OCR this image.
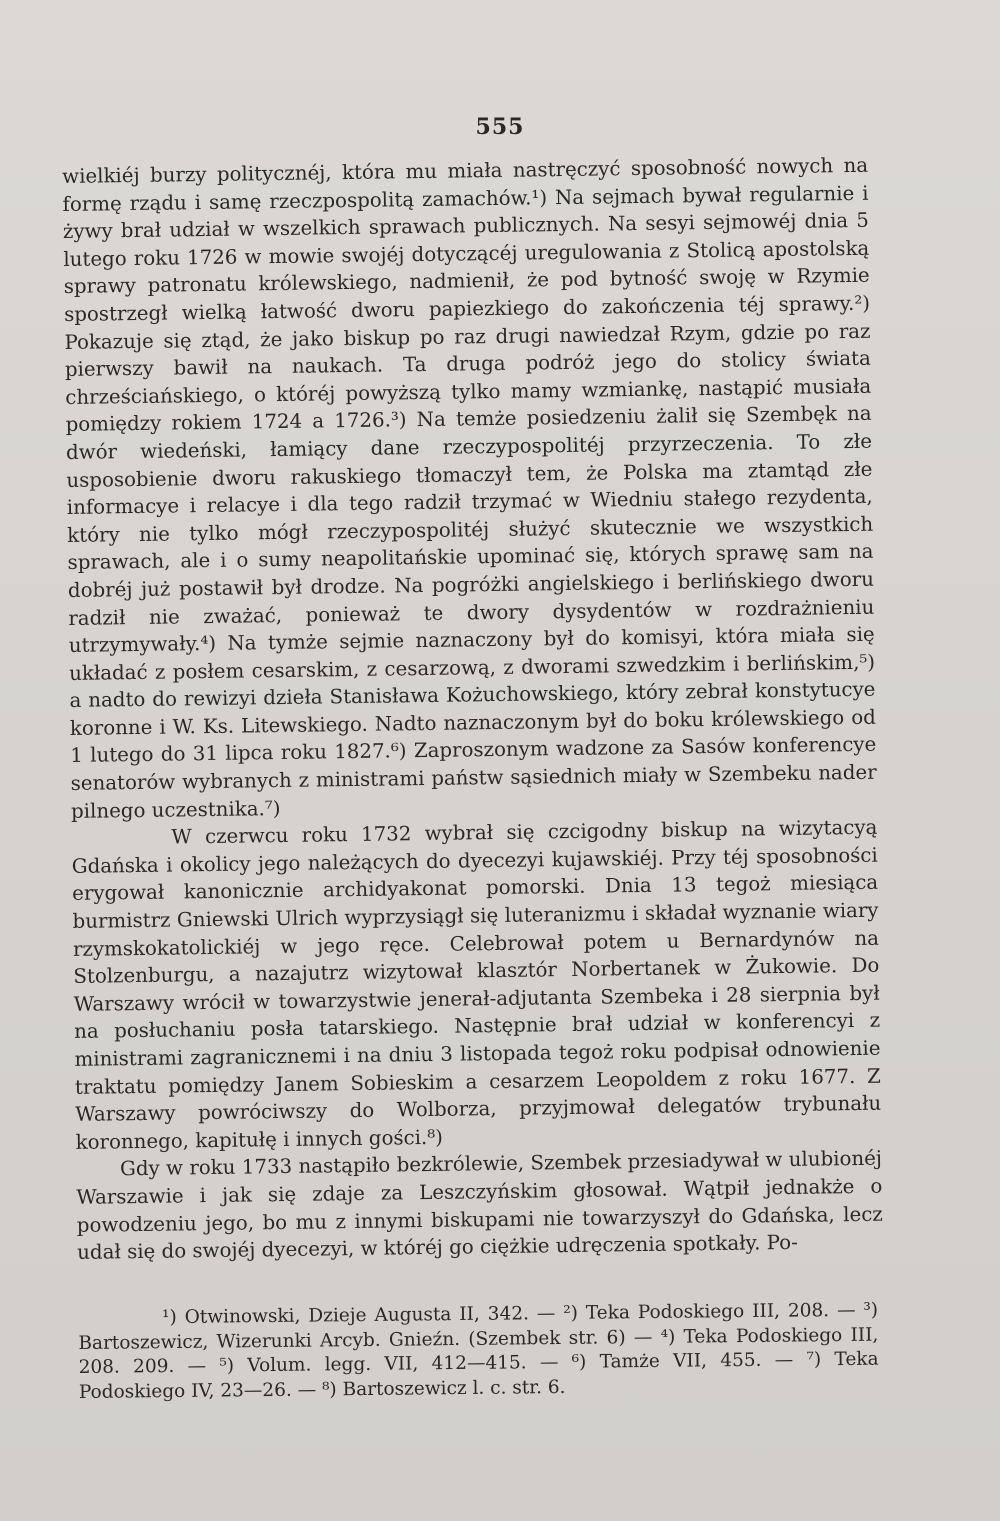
555

wielkiéj burzy politycznéj, która mu miała nastręczyć sposobność nowych na formę rządu i samę rzeczpospolitą zamachów.¹) Na sejmach bywał regularnie i żywy brał udział w wszelkich sprawach publicznych. Na sesyi sejmowéj dnia 5 lutego roku 1726 w mowie swojéj dotyczącéj uregulowania z Stolicą apostolską sprawy patronatu królewskiego, nadmienił, że pod bytność swoję w Rzymie spostrzegł wielką łatwość dworu papiezkiego do zakończenia téj sprawy.²) Pokazuje się ztąd, że jako biskup po raz drugi nawiedzał Rzym, gdzie po raz pierwszy bawił na naukach. Ta druga podróż jego do stolicy świata chrześciańskiego, o któréj powyższą tylko mamy wzmiankę, nastąpić musiała pomiędzy rokiem 1724 a 1726.³) Na temże posiedzeniu żalił się Szembęk na dwór wiedeński, łamiący dane rzeczypospolitéj przyrzeczenia. To złe usposobienie dworu rakuskiego tłomaczył tem, że Polska ma ztamtąd złe informacye i relacye i dla tego radził trzymać w Wiedniu stałego rezydenta, który nie tylko mógł rzeczypospolitéj służyć skutecznie we wszystkich sprawach, ale i o sumy neapolitańskie upominać się, których sprawę sam na dobréj już postawił był drodze. Na pogróżki angielskiego i berlińskiego dworu radził nie zważać, ponieważ te dwory dysydentów w rozdrażnieniu utrzymywały.⁴) Na tymże sejmie naznaczony był do komisyi, która miała się układać z posłem cesarskim, z cesarzową, z dworami szwedzkim i berlińskim,⁵) a nadto do rewizyi dzieła Stanisława Kożuchowskiego, który zebrał konstytucye koronne i W. Ks. Litewskiego. Nadto naznaczonym był do boku królewskiego od 1 lutego do 31 lipca roku 1827.⁶) Zaproszonym wadzone za Sasów konferencye senatorów wybranych z ministrami państw sąsiednich miały w Szembeku nader pilnego uczestnika.⁷)

W czerwcu roku 1732 wybrał się czcigodny biskup na wizytacyą Gdańska i okolicy jego należących do dyecezyi kujawskiéj. Przy téj sposobności erygował kanonicznie archidyakonat pomorski. Dnia 13 tegoż miesiąca burmistrz Gniewski Ulrich wyprzysiągł się luteranizmu i składał wyznanie wiary rzymskokatolickiéj w jego ręce. Celebrował potem u Bernardynów na Stolzenburgu, a nazajutrz wizytował klasztór Norbertanek w Żukowie. Do Warszawy wrócił w towarzystwie jenerał-adjutanta Szembeka i 28 sierpnia był na posłuchaniu posła tatarskiego. Następnie brał udział w konferencyi z ministrami zagranicznemi i na dniu 3 listopada tegoż roku podpisał odnowienie traktatu pomiędzy Janem Sobieskim a cesarzem Leopoldem z roku 1677. Z Warszawy powróciwszy do Wolborza, przyjmował delegatów trybunału koronnego, kapitułę i innych gości.⁸)

Gdy w roku 1733 nastąpiło bezkrólewie, Szembek przesiadywał w ulubionéj Warszawie i jak się zdaje za Leszczyńskim głosował. Wątpił jednakże o powodzeniu jego, bo mu z innymi biskupami nie towarzyszył do Gdańska, lecz udał się do swojéj dyecezyi, w któréj go ciężkie udręczenia spotkały. Po-

¹) Otwinowski, Dzieje Augusta II, 342. — ²) Teka Podoskiego III, 208. — ³) Bartoszewicz, Wizerunki Arcyb. Gnieźn. (Szembek str. 6) — ⁴) Teka Podoskiego III, 208. 209. — ⁵) Volum. legg. VII, 412—415. — ⁶) Tamże VII, 455. — ⁷) Teka Podoskiego IV, 23—26. — ⁸) Bartoszewicz l. c. str. 6.
